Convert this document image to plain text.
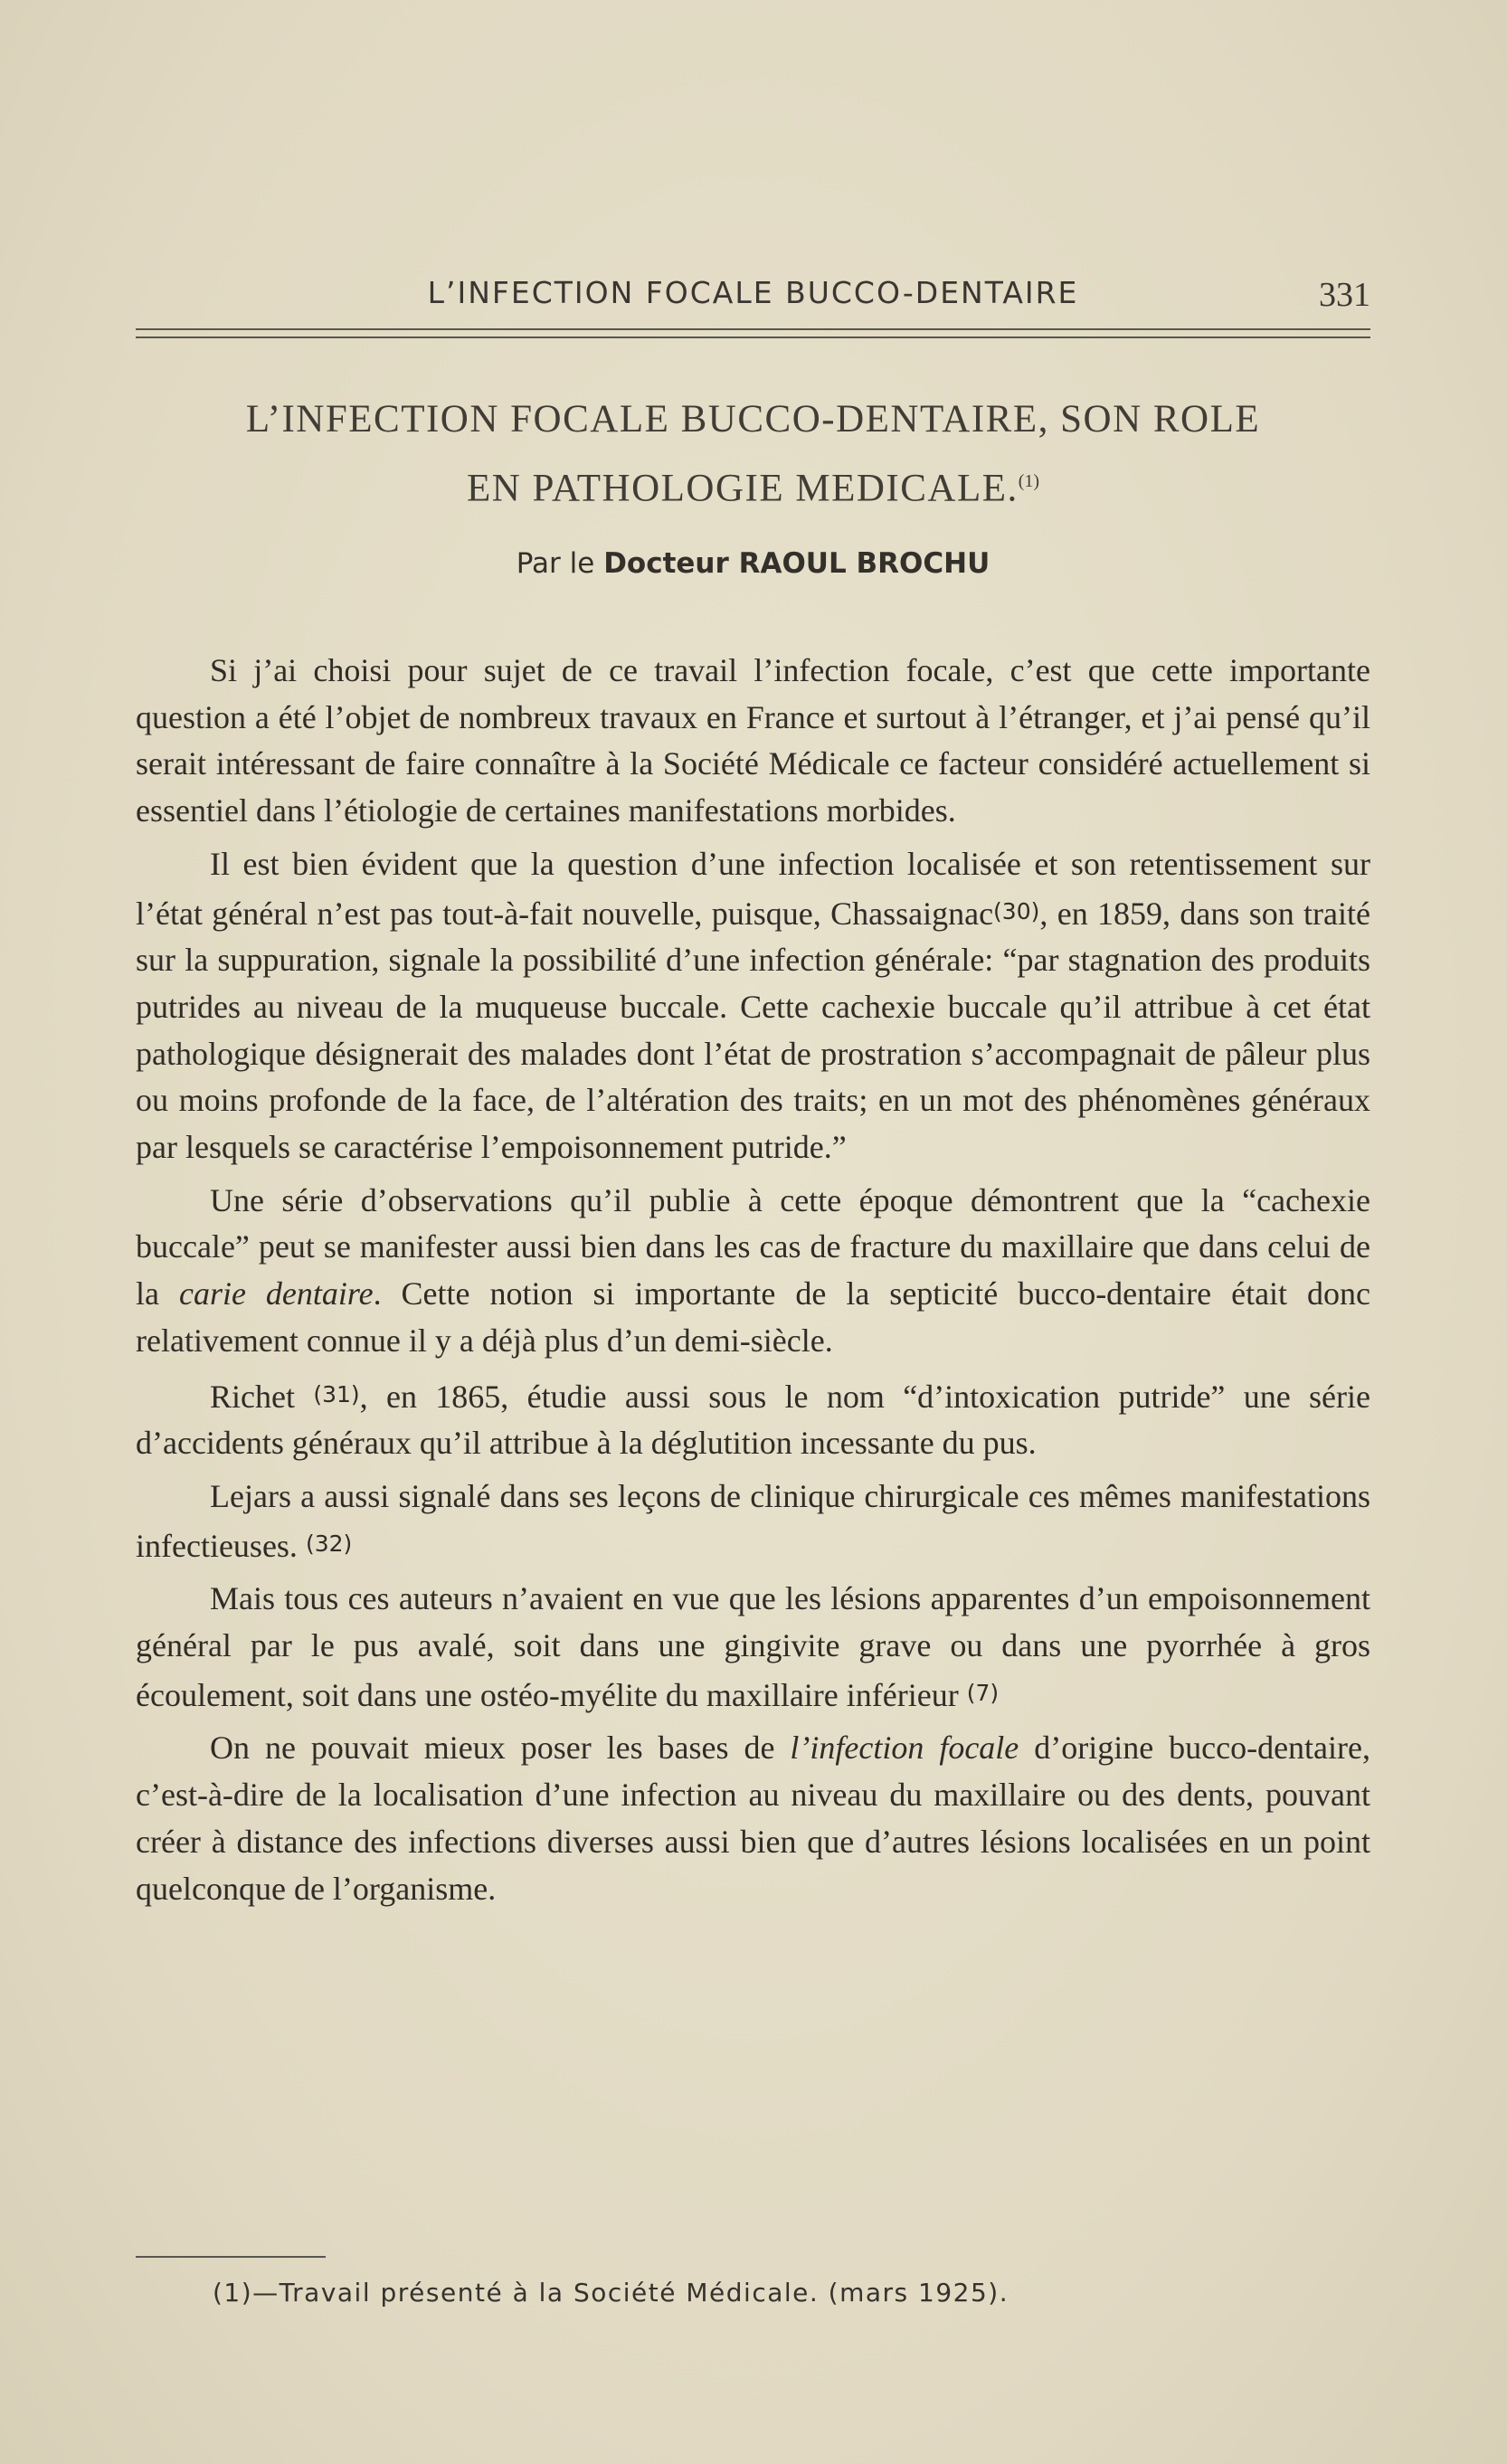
L’INFECTION FOCALE BUCCO-DENTAIRE	331
L’INFECTION FOCALE BUCCO-DENTAIRE, SON ROLE
EN PATHOLOGIE MEDICALE.$^{(1)}$
Par le Docteur RAOUL BROCHU

Si j’ai choisi pour sujet de ce travail l’infection focale, c’est que cette importante question a été l’objet de nombreux travaux en France et surtout à l’étranger, et j’ai pensé qu’il serait intéressant de faire connaître à la Société Médicale ce facteur considéré actuellement si essentiel dans l’étiologie de certaines manifestations morbides.

Il est bien évident que la question d’une infection localisée et son retentissement sur l’état général n’est pas tout-à-fait nouvelle, puisque, Chassaignac(30), en 1859, dans son traité sur la suppuration, signale la possibilité d’une infection générale: “par stagnation des produits putrides au niveau de la muqueuse buccale. Cette cachexie buccale qu’il attribue à cet état pathologique désignerait des malades dont l’état de prostration s’accompagnait de pâleur plus ou moins profonde de la face, de l’altération des traits; en un mot des phénomènes généraux par lesquels se caractérise l’empoisonnement putride.”

Une série d’observations qu’il publie à cette époque démontrent que la “cachexie buccale” peut se manifester aussi bien dans les cas de fracture du maxillaire que dans celui de la carie dentaire. Cette notion si importante de la septicité bucco-dentaire était donc relativement connue il y a déjà plus d’un demi-siècle.

Richet (31), en 1865, étudie aussi sous le nom “d’intoxication putride” une série d’accidents généraux qu’il attribue à la déglutition incessante du pus.

Lejars a aussi signalé dans ses leçons de clinique chirurgicale ces mêmes manifestations infectieuses. (32)

Mais tous ces auteurs n’avaient en vue que les lésions apparentes d’un empoisonnement général par le pus avalé, soit dans une gingivite grave ou dans une pyorrhée à gros écoulement, soit dans une ostéo-myélite du maxillaire inférieur (7)

On ne pouvait mieux poser les bases de l’infection focale d’origine bucco-dentaire, c’est-à-dire de la localisation d’une infection au niveau du maxillaire ou des dents, pouvant créer à distance des infections diverses aussi bien que d’autres lésions localisées en un point quelconque de l’organisme.

(1)—Travail présenté à la Société Médicale. (mars 1925).
